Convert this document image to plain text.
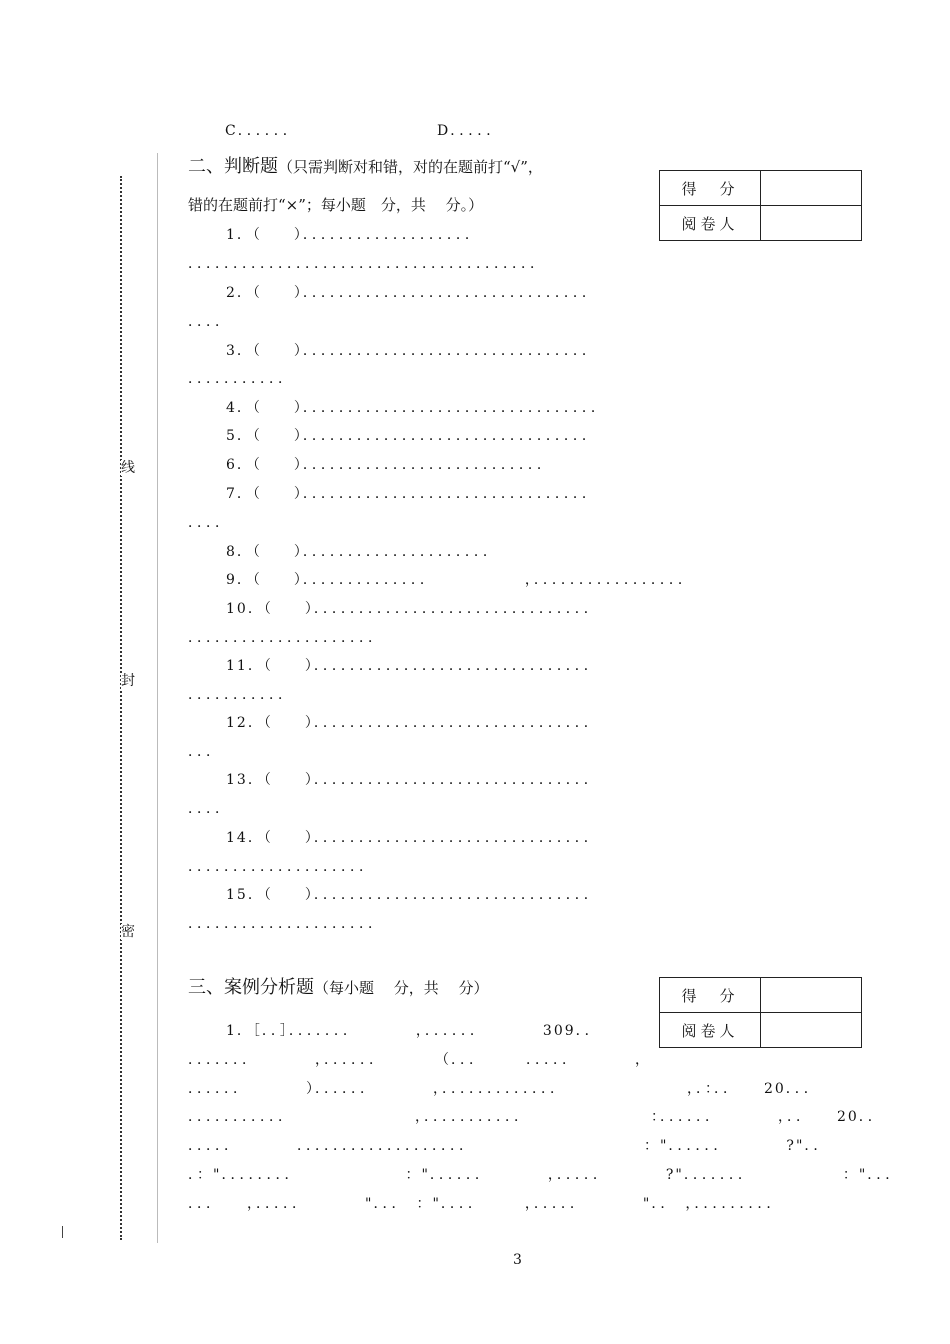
线
封
密
C．．．．．．	D．．．．．
二、判断题（只需判断对和错，对的在题前打“√”，
错的在题前打“×”；每小题　分，共　 分。）
得　分	
阅卷人	
1．（　　）．．．．．．．．．．．．．．．．．．．
．．．．．．．．．．．．．．．．．．．．．．．．．．．．．．．．．．．．．．．
2．（　　）．．．．．．．．．．．．．．．．．．．．．．．．．．．．．．．．
．．．．
3．（　　）．．．．．．．．．．．．．．．．．．．．．．．．．．．．．．．．
．．．．．．．．．．．
4．（　　）．．．．．．．．．．．．．．．．．．．．．．．．．．．．．．．．．
5．（　　）．．．．．．．．．．．．．．．．．．．．．．．．．．．．．．．．
6．（　　）．．．．．．．．．．．．．．．．．．．．．．．．．．．
7．（　　）．．．．．．．．．．．．．．．．．．．．．．．．．．．．．．．．
．．．．
8．（　　）．．．．．．．．．．．．．．．．．．．．．
9．（　　）．．．．．．．．．．．．．．　　　　　　，．．．．．．．．．．．．．．．．．
10．（　　）．．．．．．．．．．．．．．．．．．．．．．．．．．．．．．．
．．．．．．．．．．．．．．．．．．．．．
11．（　　）．．．．．．．．．．．．．．．．．．．．．．．．．．．．．．．
．．．．．．．．．．．
12．（　　）．．．．．．．．．．．．．．．．．．．．．．．．．．．．．．．
．．．
13．（　　）．．．．．．．．．．．．．．．．．．．．．．．．．．．．．．．
．．．．
14．（　　）．．．．．．．．．．．．．．．．．．．．．．．．．．．．．．．
．．．．．．．．．．．．．．．．．．．．
15．（　　）．．．．．．．．．．．．．．．．．．．．．．．．．．．．．．．
．．．．．．．．．．．．．．．．．．．．．
三、案例分析题（每小题　 分，共　 分）	得　分	
阅卷人	
1．［．．］．．．．．．．　　　　，．．．．．．　　　　309．．
．．．．．．．　　　　，．．．．．．　　　　（．．．　　　．．．．．　　　　，
．．．．．．　　　　）．．．．．．　　　　，．．．．．．．．．．．．．　　　　　　　　，．：．．　　20．．．
．．．．．．．．．．．　　　　　　　　，．．．．．．．．．．．　　　　　　　　：．．．．．．　　　　，．．　　20．．
．．．．．　　　　．．．．．．．．．．．．．．．．．．．　　　　　　　　　　　："．．．．．．　　　　?"．．
．："．．．．．．．．　　　　　　　："．．．．．．　　　　，．．．．．　　　　?"．．．．．．．　　　　　　："．．．
．．．　　，．．．．．　　　　"．．．　："．．．．　　　，．．．．．　　　　"．．　，．．．．．．．．．
3
